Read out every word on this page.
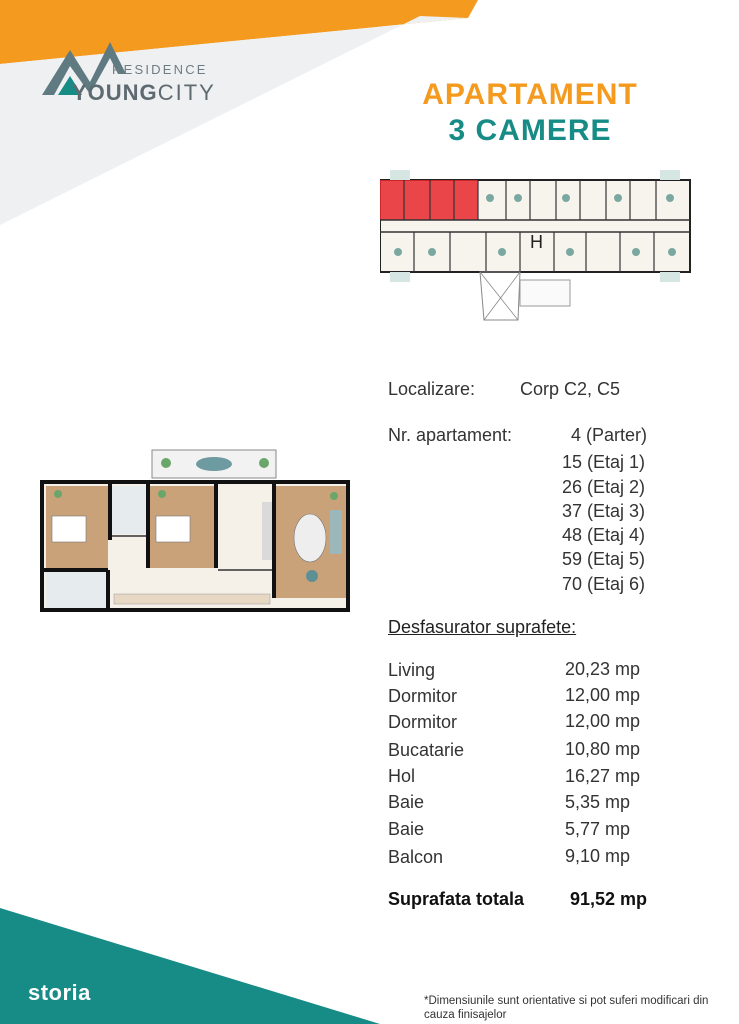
RESIDENCE
YOUNGCITY	APARTAMENT
3 CAMERE
H
Localizare: Corp C2, C5
Nr. apartament:	4 (Parter)
15 (Etaj 1)
26 (Etaj 2)
37 (Etaj 3)
48 (Etaj 4)
59 (Etaj 5)
70 (Etaj 6)
Desfasurator suprafete:
Living	20,23 mp
Dormitor	12,00 mp
Dormitor	12,00 mp
Bucatarie	10,80 mp
Hol	16,27 mp
Baie	5,35 mp
Baie	5,77 mp
Balcon	9,10 mp
Suprafata totala	91,52 mp
storia	*Dimensiunile sunt orientative si pot suferi modificari din cauza finisajelor
